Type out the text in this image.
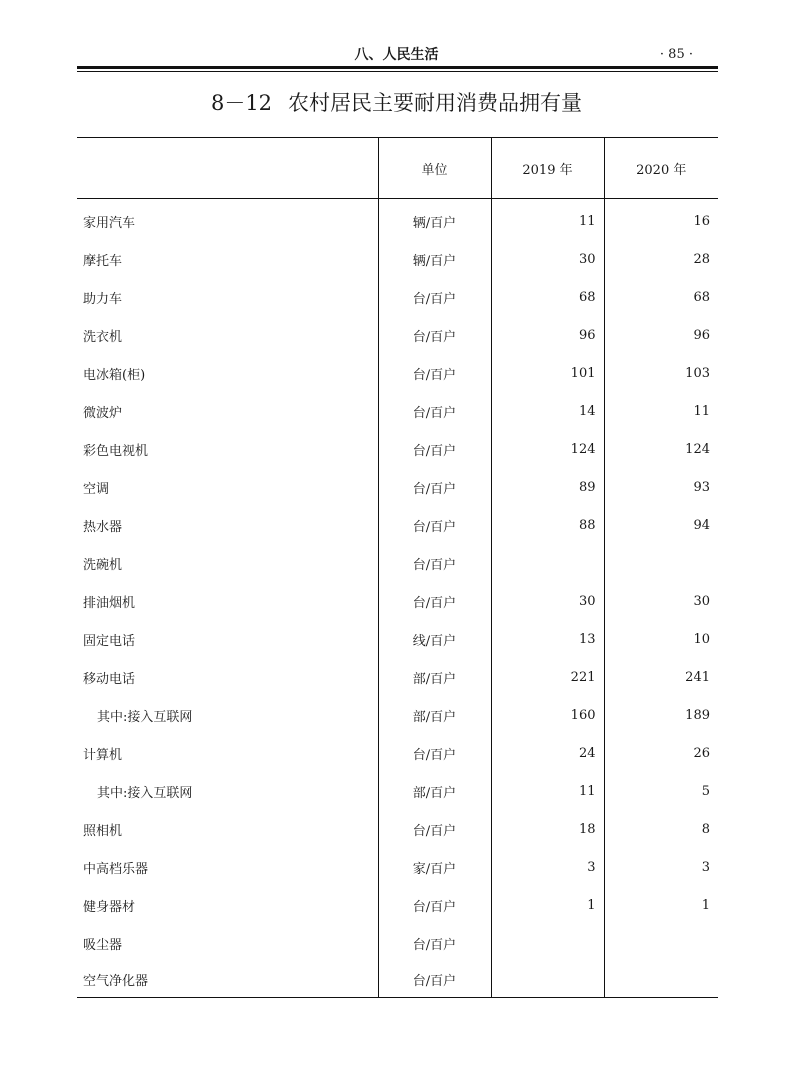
八、人民生活	· 85 ·
8－12 农村居民主要耐用消费品拥有量
	单位	2019 年	2020 年
家用汽车	辆/百户	11	16
摩托车	辆/百户	30	28
助力车	台/百户	68	68
洗衣机	台/百户	96	96
电冰箱(柜)	台/百户	101	103
微波炉	台/百户	14	11
彩色电视机	台/百户	124	124
空调	台/百户	89	93
热水器	台/百户	88	94
洗碗机	台/百户		
排油烟机	台/百户	30	30
固定电话	线/百户	13	10
移动电话	部/百户	221	241
其中:接入互联网	部/百户	160	189
计算机	台/百户	24	26
其中:接入互联网	部/百户	11	5
照相机	台/百户	18	8
中高档乐器	家/百户	3	3
健身器材	台/百户	1	1
吸尘器	台/百户		
空气净化器	台/百户		
